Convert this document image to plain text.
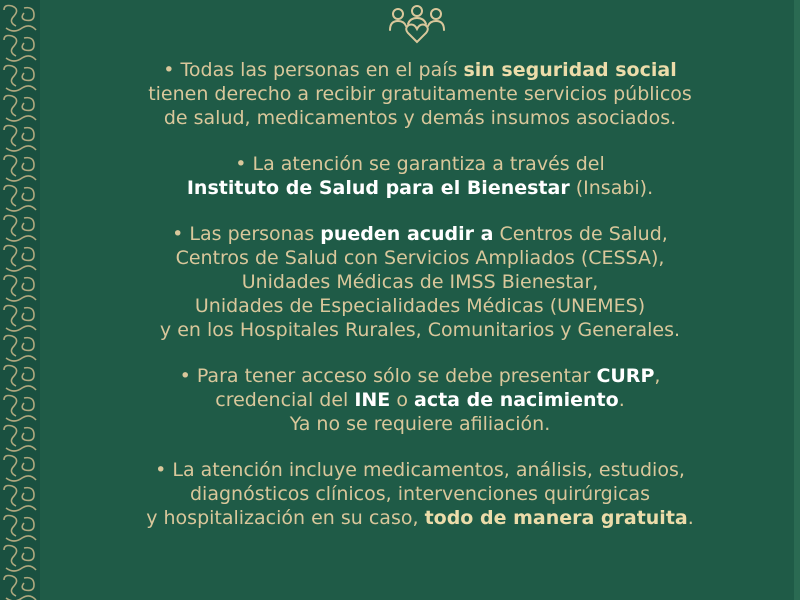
• Todas las personas en el país sin seguridad social
tienen derecho a recibir gratuitamente servicios públicos
de salud, medicamentos y demás insumos asociados.

• La atención se garantiza a través del
Instituto de Salud para el Bienestar (Insabi).

• Las personas pueden acudir a Centros de Salud,
Centros de Salud con Servicios Ampliados (CESSA),
Unidades Médicas de IMSS Bienestar,
Unidades de Especialidades Médicas (UNEMES)
y en los Hospitales Rurales, Comunitarios y Generales.

• Para tener acceso sólo se debe presentar CURP,
credencial del INE o acta de nacimiento.
Ya no se requiere afiliación.

• La atención incluye medicamentos, análisis, estudios,
diagnósticos clínicos, intervenciones quirúrgicas
y hospitalización en su caso, todo de manera gratuita.
